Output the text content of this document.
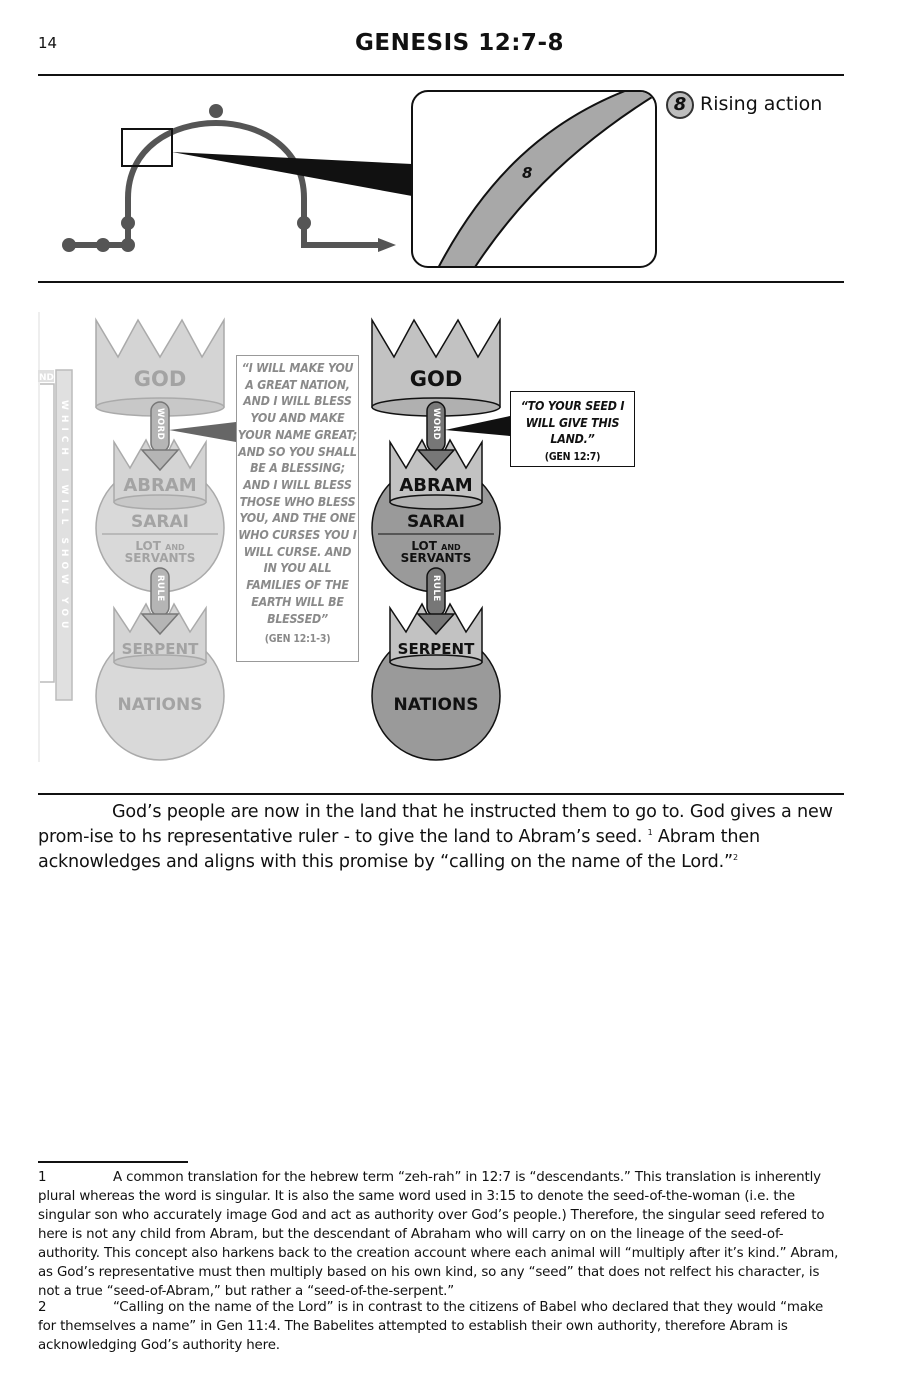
14	GENESIS 12:7-8
8
8 Rising action
ND
WHICH I WILL SHOW YOU
GOD
WORD
ABRAM
SARAI
LOT AND
SERVANTS
RULE
SERPENT
NATIONS
GOD
WORD
ABRAM
SARAI
LOT AND
SERVANTS
RULE
SERPENT
NATIONS
“I WILL MAKE YOU A GREAT NATION, AND I WILL BLESS YOU AND MAKE YOUR NAME GREAT; AND SO YOU SHALL BE A BLESSING; AND I WILL BLESS THOSE WHO BLESS YOU, AND THE ONE WHO CURSES YOU I WILL CURSE. AND IN YOU ALL FAMILIES OF THE EARTH WILL BE BLESSED”
(GEN 12:1-3)
“TO YOUR SEED I WILL GIVE THIS LAND.”
(GEN 12:7)
God’s people are now in the land that he instructed them to go to. God gives a new prom-ise to hs representative ruler - to give the land to Abram’s seed. $^1$ Abram then acknowledges and aligns with this promise by “calling on the name of the Lord.”$^2$
1	A common translation for the hebrew term “zeh-rah” in 12:7 is “descendants.” This translation is inherently plural whereas the word is singular. It is also the same word used in 3:15 to denote the seed-of-the-woman (i.e. the singular son who accurately image God and act as authority over God’s people.) Therefore, the singular seed refered to here is not any child from Abram, but the descendant of Abraham who will carry on on the lineage of the seed-of-authority. This concept also harkens back to the creation account where each animal will “multiply after it’s kind.” Abram, as God’s representative must then multiply based on his own kind, so any “seed” that does not relfect his character, is not a true “seed-of-Abram,” but rather a “seed-of-the-serpent.”
2	“Calling on the name of the Lord” is in contrast to the citizens of Babel who declared that they would “make for themselves a name” in Gen 11:4. The Babelites attempted to establish their own authority, therefore Abram is acknowledging God’s authority here.
